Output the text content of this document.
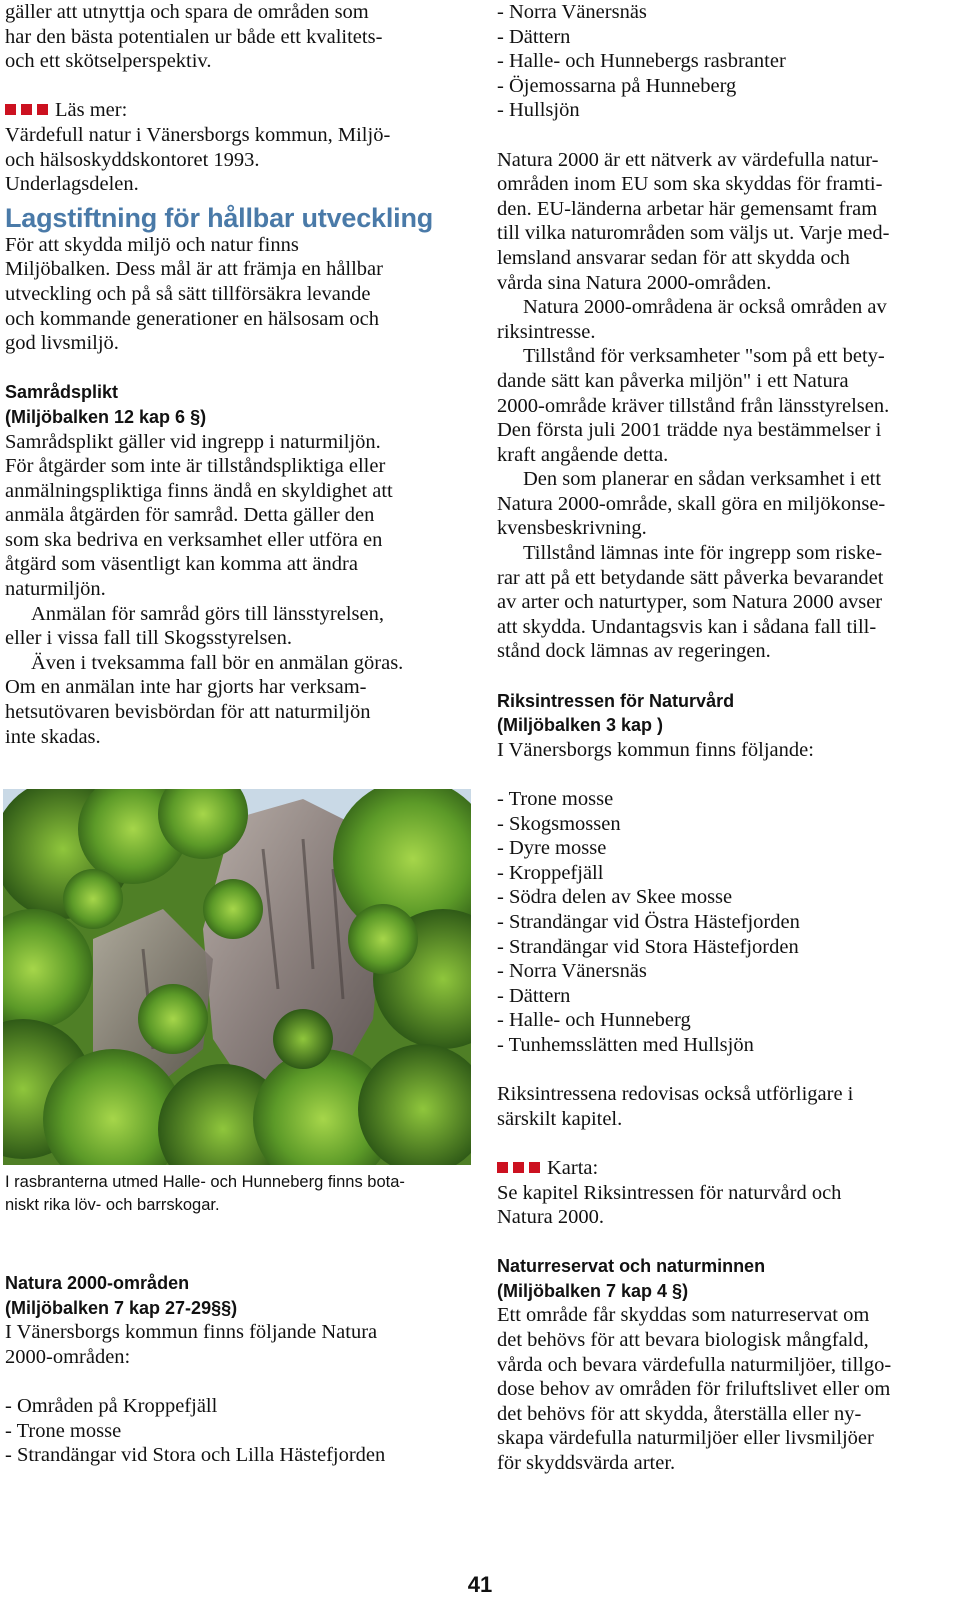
gäller att utnyttja och spara de områden som

har den bästa potentialen ur både ett kvalitets-

och ett skötselperspektiv.

Läs mer:

Värdefull natur i Vänersborgs kommun, Miljö-

och hälsoskyddskontoret 1993.

Underlagsdelen.

Lagstiftning för hållbar utveckling

För att skydda miljö och natur finns

Miljöbalken. Dess mål är att främja en hållbar

utveckling och på så sätt tillförsäkra levande

och kommande generationer en hälsosam och

god livsmiljö.

Samrådsplikt

(Miljöbalken 12 kap 6 §)

Samrådsplikt gäller vid ingrepp i naturmiljön.

För åtgärder som inte är tillståndspliktiga eller

anmälningspliktiga finns ändå en skyldighet att

anmäla åtgärden för samråd. Detta gäller den

som ska bedriva en verksamhet eller utföra en

åtgärd som väsentligt kan komma att ändra

naturmiljön.

Anmälan för samråd görs till länsstyrelsen,

eller i vissa fall till Skogsstyrelsen.

Även i tveksamma fall bör en anmälan göras.

Om en anmälan inte har gjorts har verksam-

hetsutövaren bevisbördan för att naturmiljön

inte skadas.

I rasbranterna utmed Halle- och Hunneberg finns bota-

niskt rika löv- och barrskogar.

Natura 2000-områden

(Miljöbalken 7 kap 27-29§§)

I Vänersborgs kommun finns följande Natura

2000-områden:

- Områden på Kroppefjäll
- Trone mosse
- Strandängar vid Stora och Lilla Hästefjorden
- Norra Vänersnäs
- Dättern
- Halle- och Hunnebergs rasbranter
- Öjemossarna på Hunneberg
- Hullsjön

Natura 2000 är ett nätverk av värdefulla natur-

områden inom EU som ska skyddas för framti-

den. EU-länderna arbetar här gemensamt fram

till vilka naturområden som väljs ut. Varje med-

lemsland ansvarar sedan för att skydda och

vårda sina Natura 2000-områden.

Natura 2000-områdena är också områden av

riksintresse.

Tillstånd för verksamheter "som på ett bety-

dande sätt kan påverka miljön" i ett Natura

2000-område kräver tillstånd från länsstyrelsen.

Den första juli 2001 trädde nya bestämmelser i

kraft angående detta.

Den som planerar en sådan verksamhet i ett

Natura 2000-område, skall göra en miljökonse-

kvensbeskrivning.

Tillstånd lämnas inte för ingrepp som riske-

rar att på ett betydande sätt påverka bevarandet

av arter och naturtyper, som Natura 2000 avser

att skydda. Undantagsvis kan i sådana fall till-

stånd dock lämnas av regeringen.

Riksintressen för Naturvård

(Miljöbalken 3 kap )

I Vänersborgs kommun finns följande:

- Trone mosse
- Skogsmossen
- Dyre mosse
- Kroppefjäll
- Södra delen av Skee mosse
- Strandängar vid Östra Hästefjorden
- Strandängar vid Stora Hästefjorden
- Norra Vänersnäs
- Dättern
- Halle- och Hunneberg
- Tunhemsslätten med Hullsjön

Riksintressena redovisas också utförligare i

särskilt kapitel.

Karta:

Se kapitel Riksintressen för naturvård och

Natura 2000.

Naturreservat och naturminnen

(Miljöbalken 7 kap 4 §)

Ett område får skyddas som naturreservat om

det behövs för att bevara biologisk mångfald,

vårda och bevara värdefulla naturmiljöer, tillgo-

dose behov av områden för friluftslivet eller om

det behövs för att skydda, återställa eller ny-

skapa värdefulla naturmiljöer eller livsmiljöer

för skyddsvärda arter.

41
